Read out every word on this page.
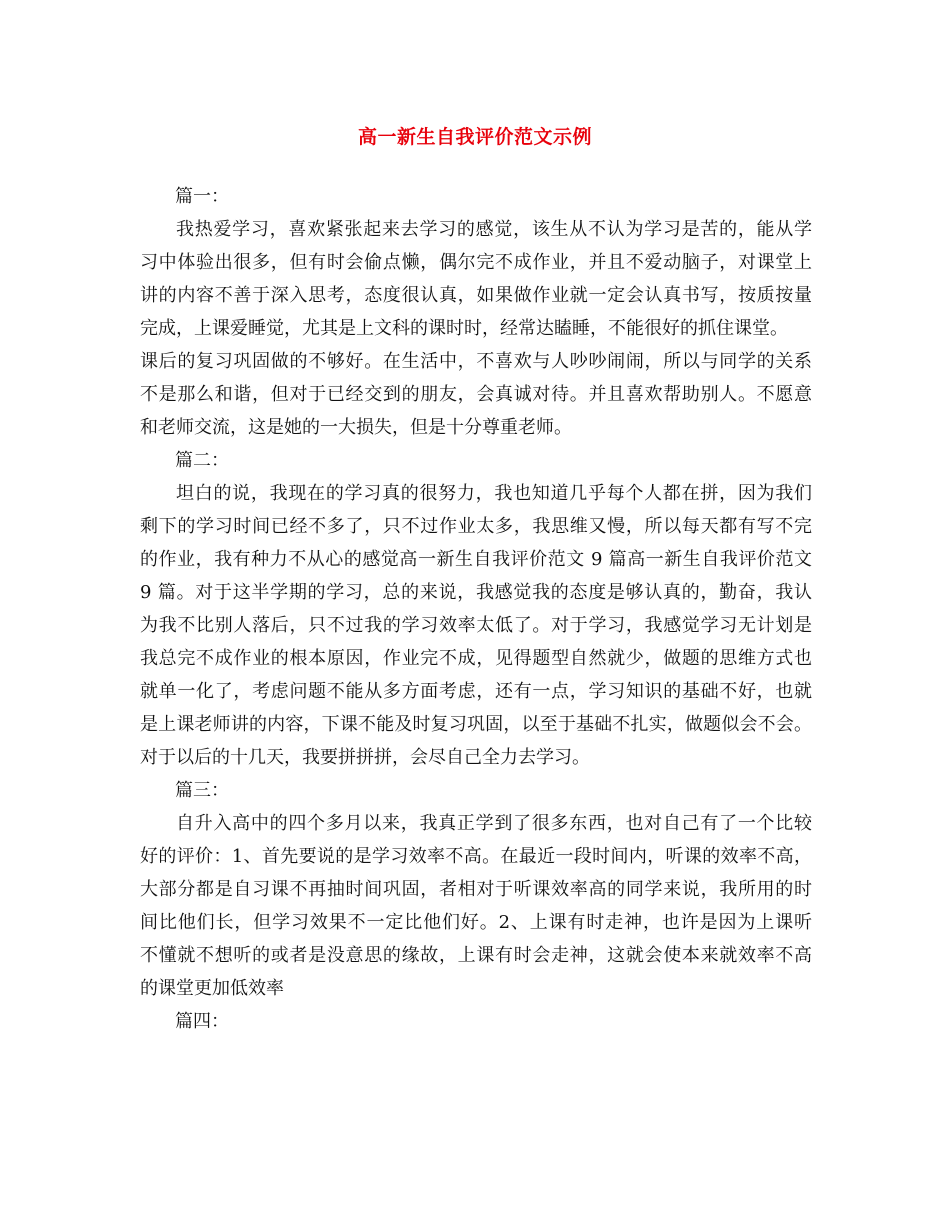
高一新生自我评价范文示例
篇一：
我热爱学习，喜欢紧张起来去学习的感觉，该生从不认为学习是苦的，能从学
习中体验出很多，但有时会偷点懒，偶尔完不成作业，并且不爱动脑子，对课堂上
讲的内容不善于深入思考，态度很认真，如果做作业就一定会认真书写，按质按量
完成，上课爱睡觉，尤其是上文科的课时时，经常达瞌睡，不能很好的抓住课堂。
课后的复习巩固做的不够好。在生活中，不喜欢与人吵吵闹闹，所以与同学的关系
不是那么和谐，但对于已经交到的朋友，会真诚对待。并且喜欢帮助别人。不愿意
和老师交流，这是她的一大损失，但是十分尊重老师。
篇二：
坦白的说，我现在的学习真的很努力，我也知道几乎每个人都在拼，因为我们
剩下的学习时间已经不多了，只不过作业太多，我思维又慢，所以每天都有写不完
的作业，我有种力不从心的感觉高一新生自我评价范文 9 篇高一新生自我评价范文
9 篇。对于这半学期的学习，总的来说，我感觉我的态度是够认真的，勤奋，我认
为我不比别人落后，只不过我的学习效率太低了。对于学习，我感觉学习无计划是
我总完不成作业的根本原因，作业完不成，见得题型自然就少，做题的思维方式也
就单一化了，考虑问题不能从多方面考虑，还有一点，学习知识的基础不好，也就
是上课老师讲的内容，下课不能及时复习巩固，以至于基础不扎实，做题似会不会。
对于以后的十几天，我要拼拼拼，会尽自己全力去学习。
篇三：
自升入高中的四个多月以来，我真正学到了很多东西，也对自己有了一个比较
好的评价：1、首先要说的是学习效率不高。在最近一段时间内，听课的效率不高，
大部分都是自习课不再抽时间巩固，者相对于听课效率高的同学来说，我所用的时
间比他们长，但学习效果不一定比他们好。2、上课有时走神，也许是因为上课听
不懂就不想听的或者是没意思的缘故，上课有时会走神，这就会使本来就效率不高
的课堂更加低效率
篇四：
